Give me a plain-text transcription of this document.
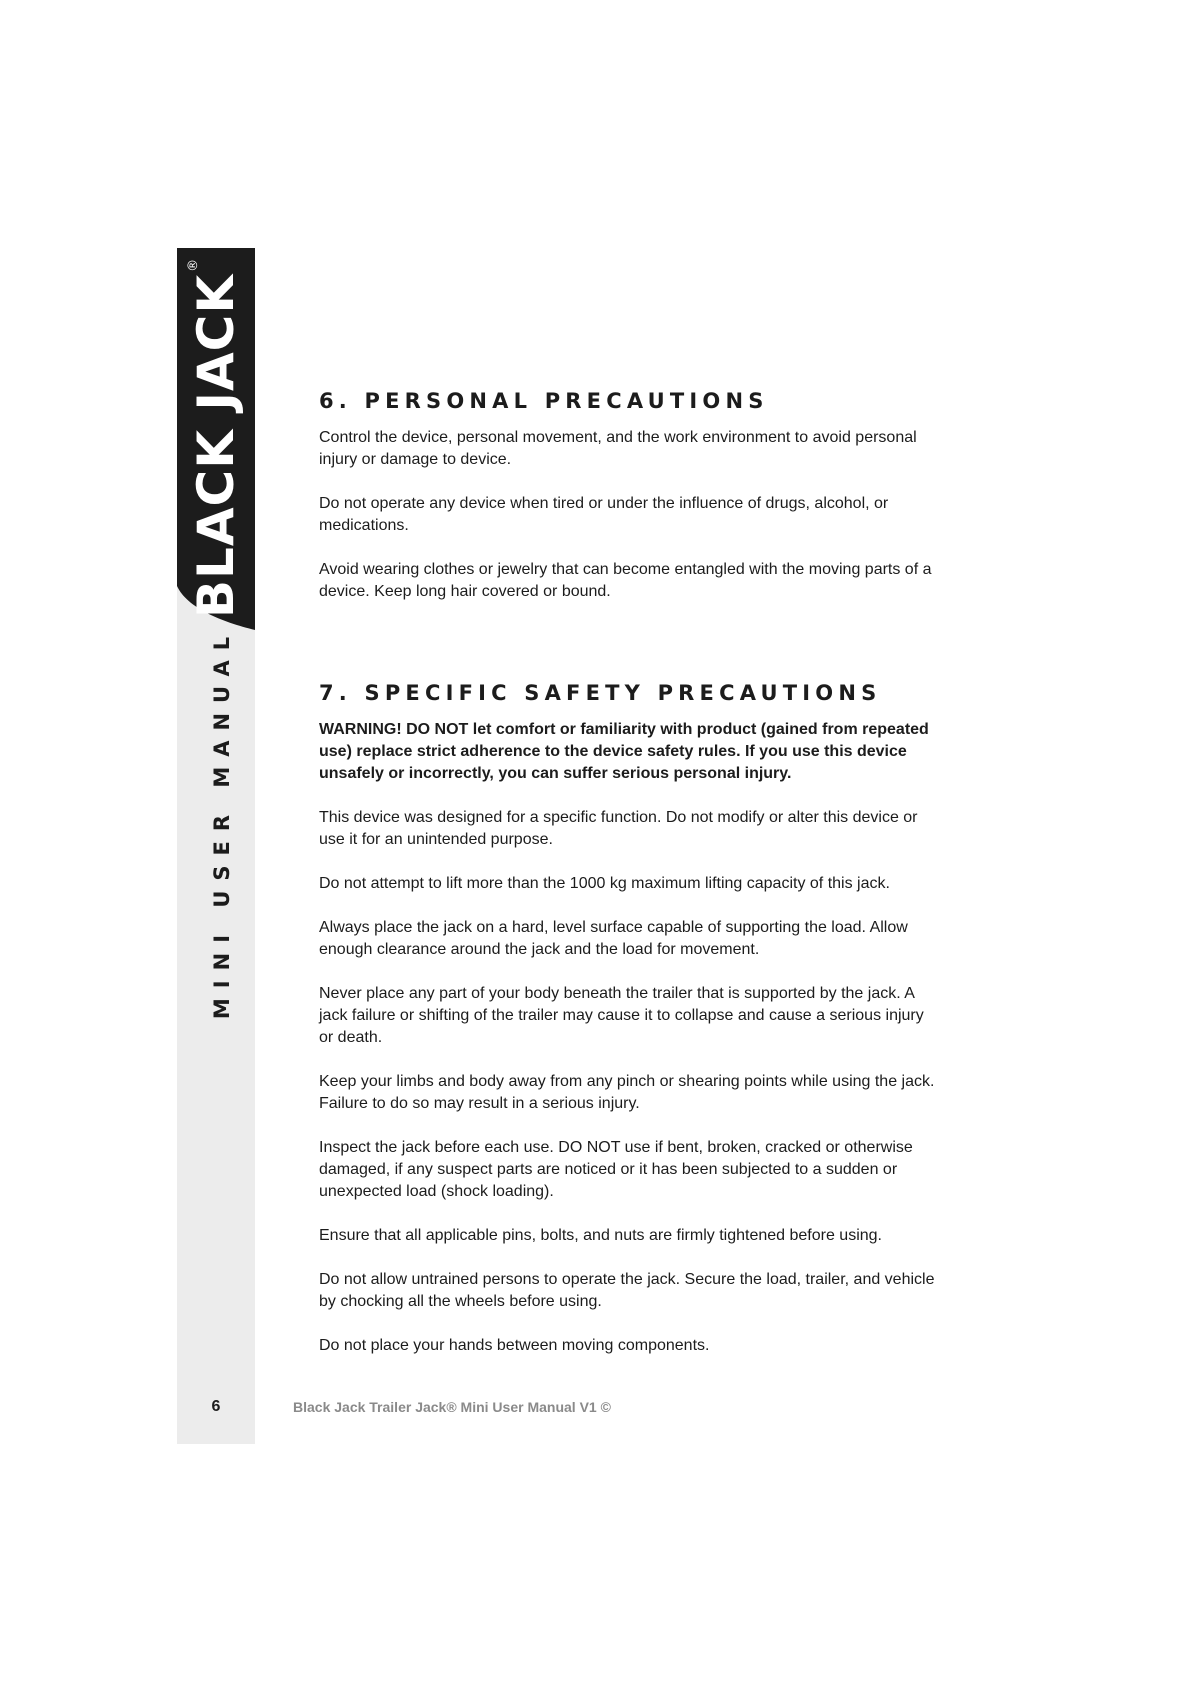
BLACK JACK®
MINI USER MANUAL
6
6. PERSONAL PRECAUTIONS

Control the device, personal movement, and the work environment to avoid personal injury or damage to device.

Do not operate any device when tired or under the influence of drugs, alcohol, or medications.

Avoid wearing clothes or jewelry that can become entangled with the moving parts of a device. Keep long hair covered or bound.

7. SPECIFIC SAFETY PRECAUTIONS

WARNING! DO NOT let comfort or familiarity with product (gained from repeated use) replace strict adherence to the device safety rules. If you use this device unsafely or incorrectly, you can suffer serious personal injury.

This device was designed for a specific function. Do not modify or alter this device or use it for an unintended purpose.

Do not attempt to lift more than the 1000 kg maximum lifting capacity of this jack.

Always place the jack on a hard, level surface capable of supporting the load. Allow enough clearance around the jack and the load for movement.

Never place any part of your body beneath the trailer that is supported by the jack. A jack failure or shifting of the trailer may cause it to collapse and cause a serious injury or death.

Keep your limbs and body away from any pinch or shearing points while using the jack. Failure to do so may result in a serious injury.

Inspect the jack before each use. DO NOT use if bent, broken, cracked or otherwise damaged, if any suspect parts are noticed or it has been subjected to a sudden or unexpected load (shock loading).

Ensure that all applicable pins, bolts, and nuts are firmly tightened before using.

Do not allow untrained persons to operate the jack. Secure the load, trailer, and vehicle by chocking all the wheels before using.

Do not place your hands between moving components.

Black Jack Trailer Jack® Mini User Manual V1 ©
